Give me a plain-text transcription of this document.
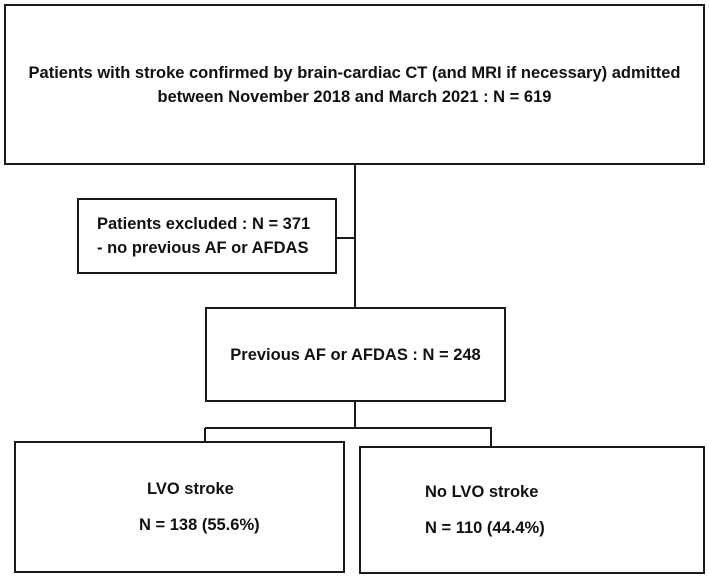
Patients with stroke confirmed by brain-cardiac CT (and MRI if necessary) admitted
between November 2018 and March 2021 : N = 619
Patients excluded : N = 371
- no previous AF or AFDAS
Previous AF or AFDAS : N = 248
LVO stroke
N = 138 (55.6%)
No LVO stroke
N = 110 (44.4%)
